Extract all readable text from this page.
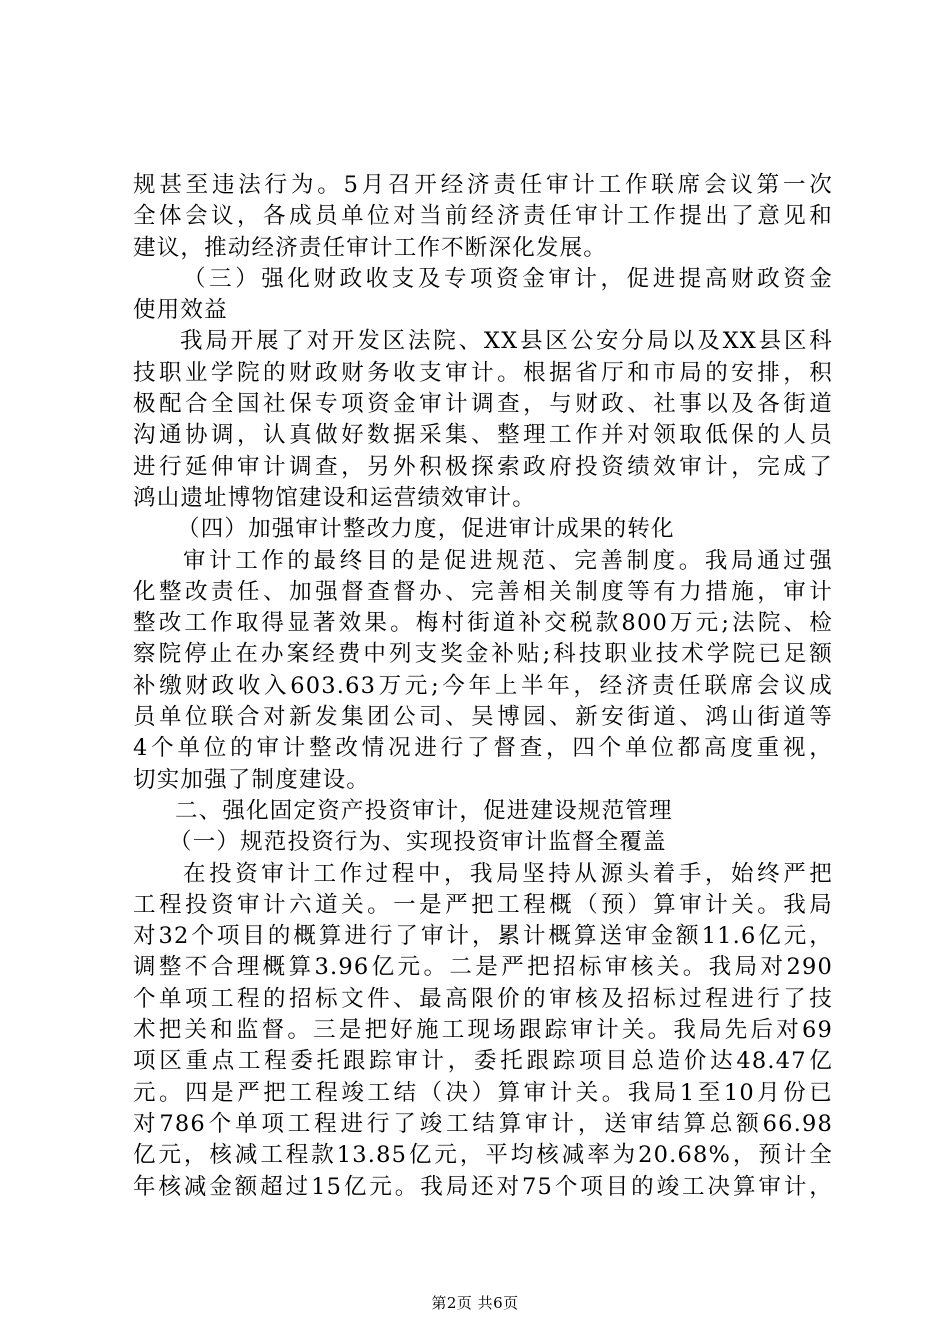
规甚至违法行为。5月召开经济责任审计工作联席会议第一次
全体会议，各成员单位对当前经济责任审计工作提出了意见和
建议，推动经济责任审计工作不断深化发展。
（三）强化财政收支及专项资金审计，促进提高财政资金
使用效益
我局开展了对开发区法院、XX县区公安分局以及XX县区科
技职业学院的财政财务收支审计。根据省厅和市局的安排，积
极配合全国社保专项资金审计调查，与财政、社事以及各街道
沟通协调，认真做好数据采集、整理工作并对领取低保的人员
进行延伸审计调查，另外积极探索政府投资绩效审计，完成了
鸿山遗址博物馆建设和运营绩效审计。
（四）加强审计整改力度，促进审计成果的转化
审计工作的最终目的是促进规范、完善制度。我局通过强
化整改责任、加强督查督办、完善相关制度等有力措施，审计
整改工作取得显著效果。梅村街道补交税款800万元;法院、检
察院停止在办案经费中列支奖金补贴;科技职业技术学院已足额
补缴财政收入603.63万元;今年上半年，经济责任联席会议成
员单位联合对新发集团公司、吴博园、新安街道、鸿山街道等
4个单位的审计整改情况进行了督查，四个单位都高度重视，
切实加强了制度建设。
二、强化固定资产投资审计，促进建设规范管理
（一）规范投资行为、实现投资审计监督全覆盖
在投资审计工作过程中，我局坚持从源头着手，始终严把
工程投资审计六道关。一是严把工程概（预）算审计关。我局
对32个项目的概算进行了审计，累计概算送审金额11.6亿元，
调整不合理概算3.96亿元。二是严把招标审核关。我局对290
个单项工程的招标文件、最高限价的审核及招标过程进行了技
术把关和监督。三是把好施工现场跟踪审计关。我局先后对69
项区重点工程委托跟踪审计，委托跟踪项目总造价达48.47亿
元。四是严把工程竣工结（决）算审计关。我局1至10月份已
对786个单项工程进行了竣工结算审计，送审结算总额66.98
亿元，核减工程款13.85亿元，平均核减率为20.68%，预计全
年核减金额超过15亿元。我局还对75个项目的竣工决算审计，
第2页 共6页
